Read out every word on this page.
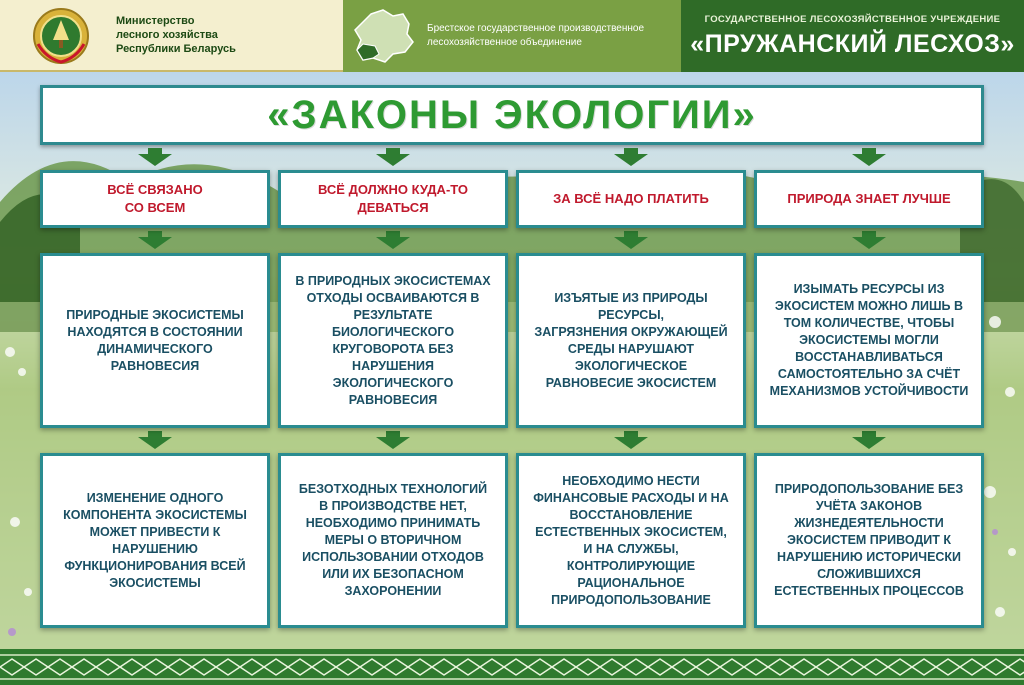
Министерство
лесного хозяйства
Республики Беларусь
Брестское государственное производственное
лесохозяйственное объединение
ГОСУДАРСТВЕННОЕ ЛЕСОХОЗЯЙСТВЕННОЕ УЧРЕЖДЕНИЕ
«ПРУЖАНСКИЙ ЛЕСХОЗ»
«ЗАКОНЫ ЭКОЛОГИИ»
ВСЁ СВЯЗАНО
СО ВСЕМ
ПРИРОДНЫЕ ЭКОСИСТЕМЫ
НАХОДЯТСЯ В СОСТОЯНИИ
ДИНАМИЧЕСКОГО
РАВНОВЕСИЯ
ИЗМЕНЕНИЕ ОДНОГО
КОМПОНЕНТА ЭКОСИСТЕМЫ
МОЖЕТ ПРИВЕСТИ К
НАРУШЕНИЮ
ФУНКЦИОНИРОВАНИЯ ВСЕЙ
ЭКОСИСТЕМЫ
ВСЁ ДОЛЖНО КУДА-ТО
ДЕВАТЬСЯ
В ПРИРОДНЫХ ЭКОСИСТЕМАХ
ОТХОДЫ ОСВАИВАЮТСЯ В
РЕЗУЛЬТАТЕ
БИОЛОГИЧЕСКОГО
КРУГОВОРОТА БЕЗ
НАРУШЕНИЯ
ЭКОЛОГИЧЕСКОГО
РАВНОВЕСИЯ
БЕЗОТХОДНЫХ ТЕХНОЛОГИЙ
В ПРОИЗВОДСТВЕ НЕТ,
НЕОБХОДИМО ПРИНИМАТЬ
МЕРЫ О ВТОРИЧНОМ
ИСПОЛЬЗОВАНИИ ОТХОДОВ
ИЛИ ИХ БЕЗОПАСНОМ
ЗАХОРОНЕНИИ
ЗА ВСЁ НАДО ПЛАТИТЬ
ИЗЪЯТЫЕ ИЗ ПРИРОДЫ
РЕСУРСЫ,
ЗАГРЯЗНЕНИЯ ОКРУЖАЮЩЕЙ
СРЕДЫ НАРУШАЮТ
ЭКОЛОГИЧЕСКОЕ
РАВНОВЕСИЕ ЭКОСИСТЕМ
НЕОБХОДИМО НЕСТИ
ФИНАНСОВЫЕ РАСХОДЫ И НА
ВОССТАНОВЛЕНИЕ
ЕСТЕСТВЕННЫХ ЭКОСИСТЕМ,
И НА СЛУЖБЫ,
КОНТРОЛИРУЮЩИЕ
РАЦИОНАЛЬНОЕ
ПРИРОДОПОЛЬЗОВАНИЕ
ПРИРОДА ЗНАЕТ ЛУЧШЕ
ИЗЫМАТЬ РЕСУРСЫ ИЗ
ЭКОСИСТЕМ МОЖНО ЛИШЬ В
ТОМ КОЛИЧЕСТВЕ, ЧТОБЫ
ЭКОСИСТЕМЫ МОГЛИ
ВОССТАНАВЛИВАТЬСЯ
САМОСТОЯТЕЛЬНО ЗА СЧЁТ
МЕХАНИЗМОВ УСТОЙЧИВОСТИ
ПРИРОДОПОЛЬЗОВАНИЕ БЕЗ
УЧЁТА ЗАКОНОВ
ЖИЗНЕДЕЯТЕЛЬНОСТИ
ЭКОСИСТЕМ ПРИВОДИТ К
НАРУШЕНИЮ ИСТОРИЧЕСКИ
СЛОЖИВШИХСЯ
ЕСТЕСТВЕННЫХ ПРОЦЕССОВ
